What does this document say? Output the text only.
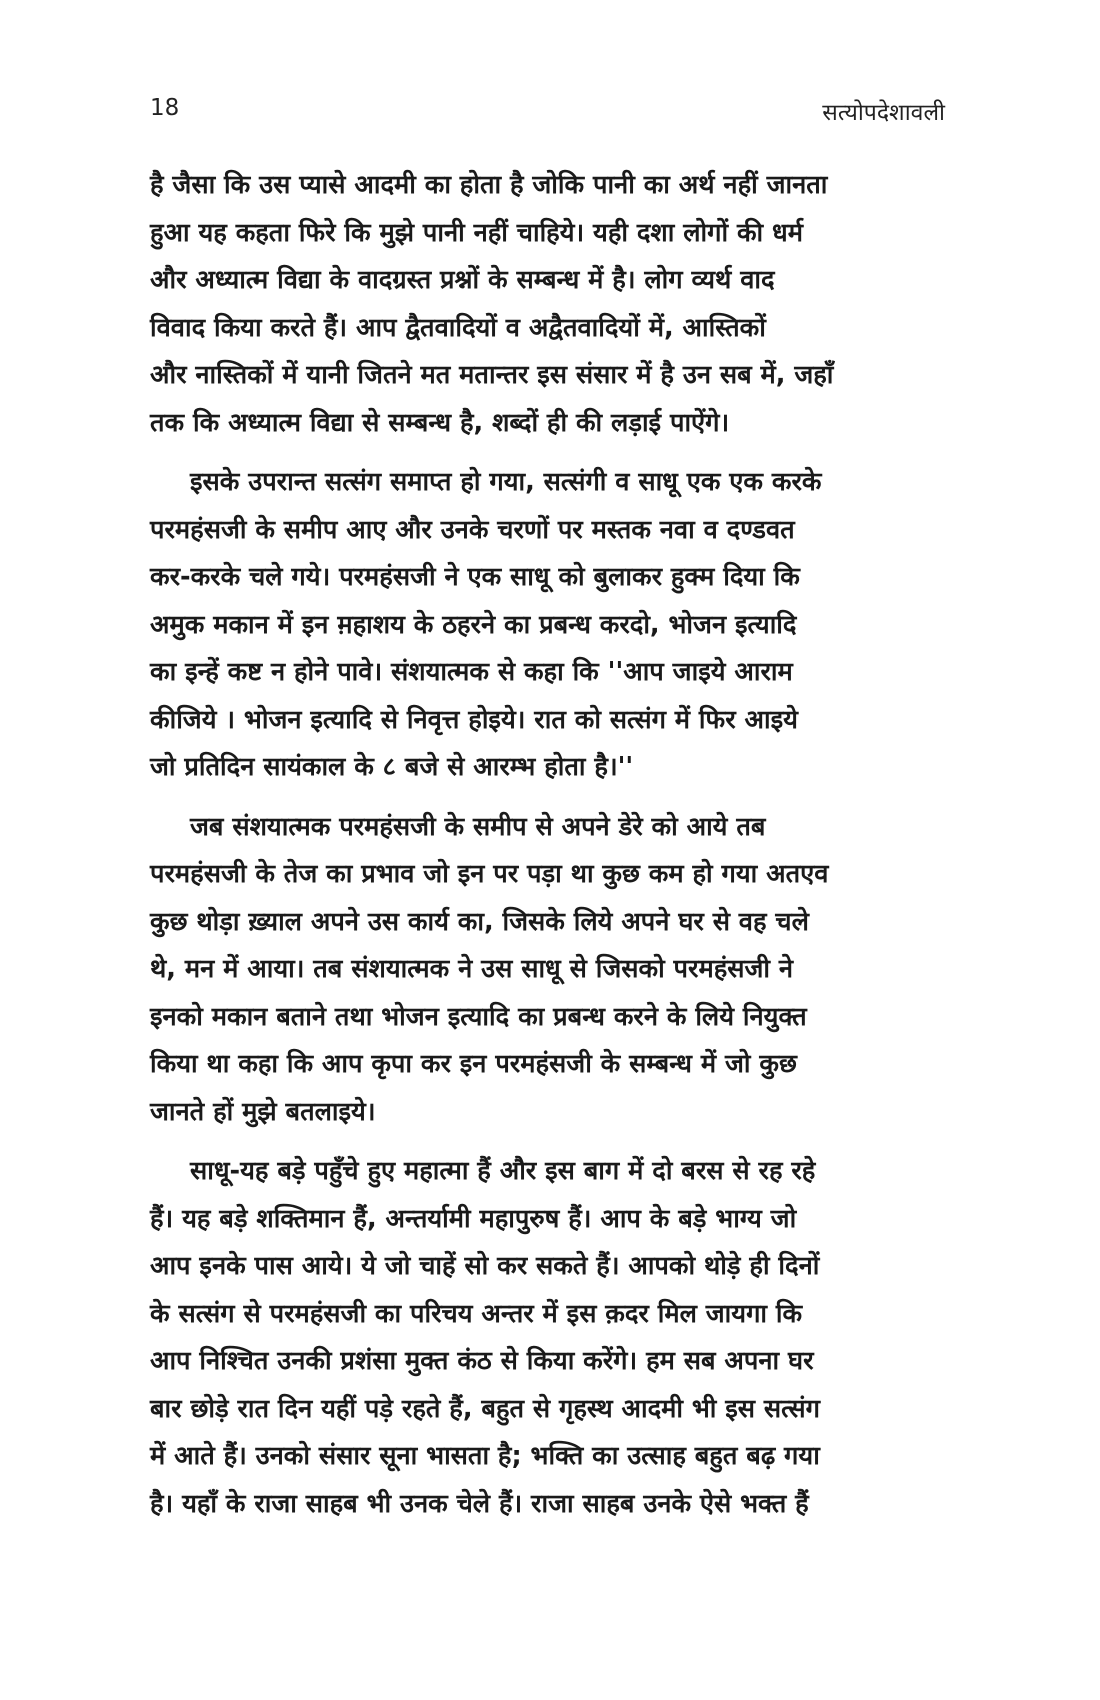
18	सत्योपदेशावली

है जैसा कि उस प्यासे आदमी का होता है जोकि पानी का अर्थ नहीं जानता
हुआ यह कहता फिरे कि मुझे पानी नहीं चाहिये। यही दशा लोगों की धर्म
और अध्यात्म विद्या के वादग्रस्त प्रश्नों के सम्बन्ध में है। लोग व्यर्थ वाद
विवाद किया करते हैं। आप द्वैतवादियों व अद्वैतवादियों में, आस्तिकों
और नास्तिकों में यानी जितने मत मतान्तर इस संसार में है उन सब में, जहाँ
तक कि अध्यात्म विद्या से सम्बन्ध है, शब्दों ही की लड़ाई पाऐंगे।

इसके उपरान्त सत्संग समाप्त हो गया, सत्संगी व साधू एक एक करके
परमहंसजी के समीप आए और उनके चरणों पर मस्तक नवा व दण्डवत
कर-करके चले गये। परमहंसजी ने एक साधू को बुलाकर हुक्म दिया कि
अमुक मकान में इन म़हाशय के ठहरने का प्रबन्ध करदो, भोजन इत्यादि
का इन्हें कष्ट न होने पावे। संशयात्मक से कहा कि ''आप जाइये आराम
कीजिये । भोजन इत्यादि से निवृत्त होइये। रात को सत्संग में फिर आइये
जो प्रतिदिन सायंकाल के ८ बजे से आरम्भ होता है।''

जब संशयात्मक परमहंसजी के समीप से अपने डेरे को आये तब
परमहंसजी के तेज का प्रभाव जो इन पर पड़ा था कुछ कम हो गया अतएव
कुछ थोड़ा ख़्याल अपने उस कार्य का, जिसके लिये अपने घर से वह चले
थे, मन में आया। तब संशयात्मक ने उस साधू से जिसको परमहंसजी ने
इनको मकान बताने तथा भोजन इत्यादि का प्रबन्ध करने के लिये नियुक्त
किया था कहा कि आप कृपा कर इन परमहंसजी के सम्बन्ध में जो कुछ
जानते हों मुझे बतलाइये।

साधू-यह बड़े पहुँचे हुए महात्मा हैं और इस बाग में दो बरस से रह रहे
हैं। यह बड़े शक्तिमान हैं, अन्तर्यामी महापुरुष हैं। आप के बड़े भाग्य जो
आप इनके पास आये। ये जो चाहें सो कर सकते हैं। आपको थोड़े ही दिनों
के सत्संग से परमहंसजी का परिचय अन्तर में इस क़दर मिल जायगा कि
आप निश्चित उनकी प्रशंसा मुक्त कंठ से किया करेंगे। हम सब अपना घर
बार छोड़े रात दिन यहीं पड़े रहते हैं, बहुत से गृहस्थ आदमी भी इस सत्संग
में आते हैं। उनको संसार सूना भासता है; भक्ति का उत्साह बहुत बढ़ गया
है। यहाँ के राजा साहब भी उनक चेले हैं। राजा साहब उनके ऐसे भक्त हैं
